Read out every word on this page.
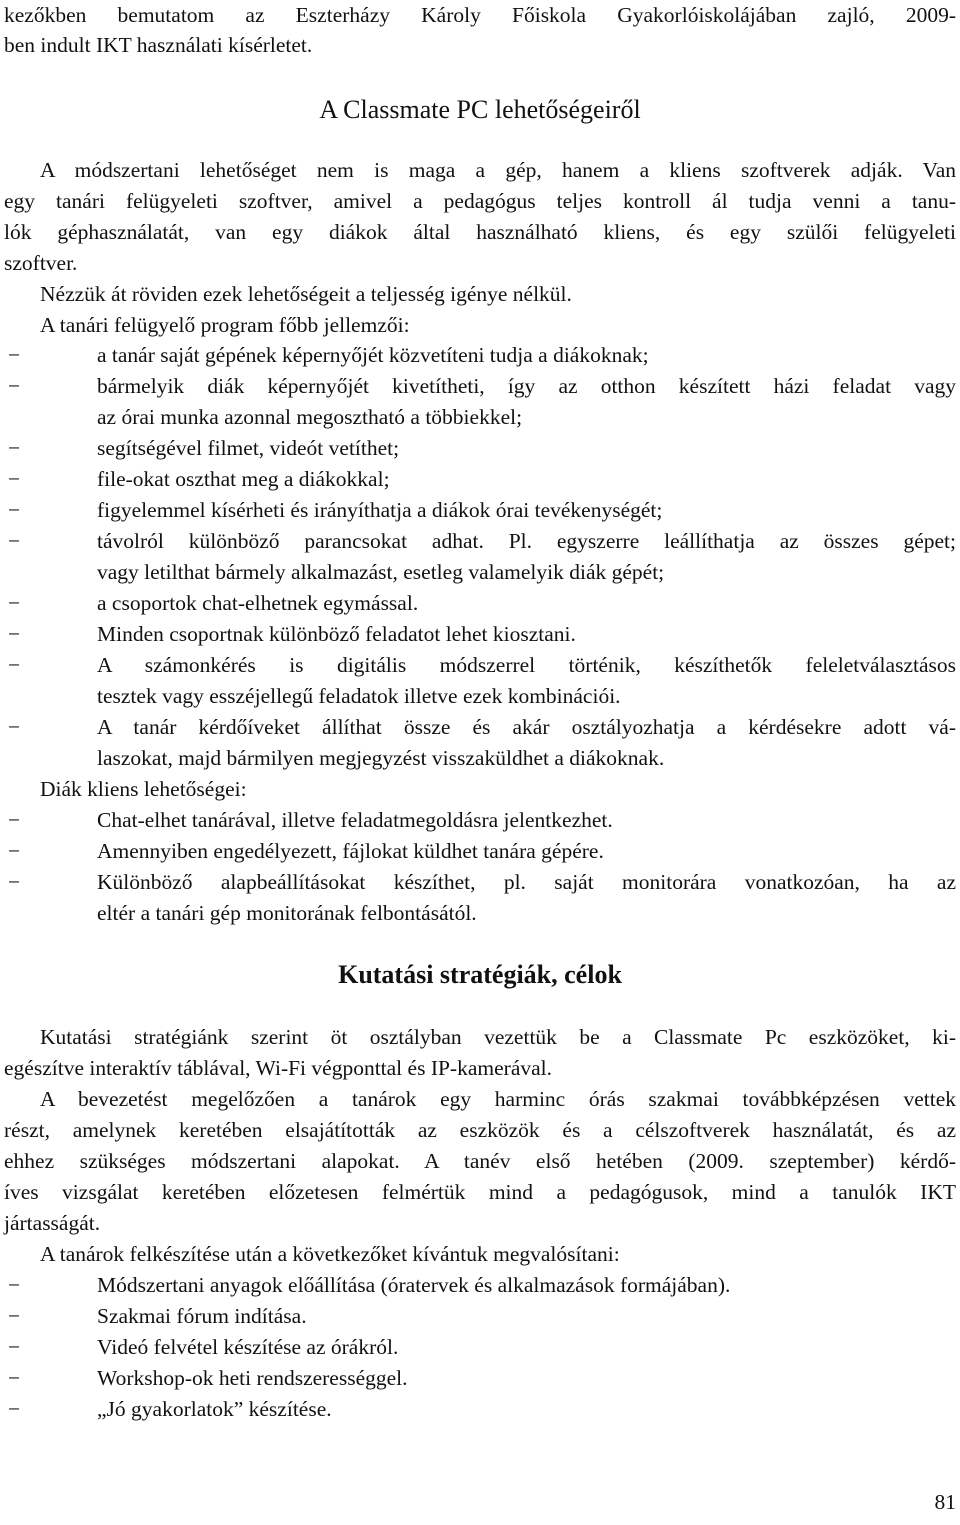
kezőkben bemutatom az Eszterházy Károly Főiskola Gyakorlóiskolájában zajló, 2009-
ben indult IKT használati kísérletet.
A Classmate PC lehetőségeiről
A módszertani lehetőséget nem is maga a gép, hanem a kliens szoftverek adják. Van
egy tanári felügyeleti szoftver, amivel a pedagógus teljes kontroll ál tudja venni a tanu-
lók géphasználatát, van egy diákok által használható kliens, és egy szülői felügyeleti
szoftver.
Nézzük át röviden ezek lehetőségeit a teljesség igénye nélkül.
A tanári felügyelő program főbb jellemzői:
−	a tanár saját gépének képernyőjét közvetíteni tudja a diákoknak;
−	bármelyik diák képernyőjét kivetítheti, így az otthon készített házi feladat vagy
az órai munka azonnal megosztható a többiekkel;
−	segítségével filmet, videót vetíthet;
−	file-okat oszthat meg a diákokkal;
−	figyelemmel kísérheti és irányíthatja a diákok órai tevékenységét;
−	távolról különböző parancsokat adhat. Pl. egyszerre leállíthatja az összes gépet;
vagy letilthat bármely alkalmazást, esetleg valamelyik diák gépét;
−	a csoportok chat-elhetnek egymással.
−	Minden csoportnak különböző feladatot lehet kiosztani.
−	A számonkérés is digitális módszerrel történik, készíthetők feleletválasztásos
tesztek vagy esszéjellegű feladatok illetve ezek kombinációi.
−	A tanár kérdőíveket állíthat össze és akár osztályozhatja a kérdésekre adott vá-
laszokat, majd bármilyen megjegyzést visszaküldhet a diákoknak.
Diák kliens lehetőségei:
−	Chat-elhet tanárával, illetve feladatmegoldásra jelentkezhet.
−	Amennyiben engedélyezett, fájlokat küldhet tanára gépére.
−	Különböző alapbeállításokat készíthet, pl. saját monitorára vonatkozóan, ha az
eltér a tanári gép monitorának felbontásától.
Kutatási stratégiák, célok
Kutatási stratégiánk szerint öt osztályban vezettük be a Classmate Pc eszközöket, ki-
egészítve interaktív táblával, Wi-Fi végponttal és IP-kamerával.
A bevezetést megelőzően a tanárok egy harminc órás szakmai továbbképzésen vettek
részt, amelynek keretében elsajátították az eszközök és a célszoftverek használatát, és az
ehhez szükséges módszertani alapokat. A tanév első hetében (2009. szeptember) kérdő-
íves vizsgálat keretében előzetesen felmértük mind a pedagógusok, mind a tanulók IKT
jártasságát.
A tanárok felkészítése után a következőket kívántuk megvalósítani:
−	Módszertani anyagok előállítása (óratervek és alkalmazások formájában).
−	Szakmai fórum indítása.
−	Videó felvétel készítése az órákról.
−	Workshop-ok heti rendszerességgel.
−	„Jó gyakorlatok” készítése.
81
